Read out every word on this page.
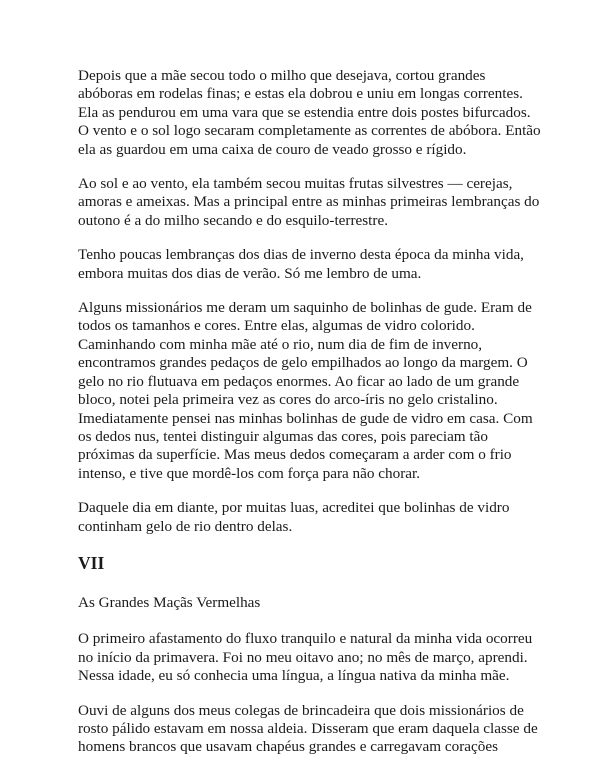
Depois que a mãe secou todo o milho que desejava, cortou grandes
abóboras em rodelas finas; e estas ela dobrou e uniu em longas correntes.
Ela as pendurou em uma vara que se estendia entre dois postes bifurcados.
O vento e o sol logo secaram completamente as correntes de abóbora. Então
ela as guardou em uma caixa de couro de veado grosso e rígido.

Ao sol e ao vento, ela também secou muitas frutas silvestres — cerejas,
amoras e ameixas. Mas a principal entre as minhas primeiras lembranças do
outono é a do milho secando e do esquilo-terrestre.

Tenho poucas lembranças dos dias de inverno desta época da minha vida,
embora muitas dos dias de verão. Só me lembro de uma.

Alguns missionários me deram um saquinho de bolinhas de gude. Eram de
todos os tamanhos e cores. Entre elas, algumas de vidro colorido.
Caminhando com minha mãe até o rio, num dia de fim de inverno,
encontramos grandes pedaços de gelo empilhados ao longo da margem. O
gelo no rio flutuava em pedaços enormes. Ao ficar ao lado de um grande
bloco, notei pela primeira vez as cores do arco-íris no gelo cristalino.
Imediatamente pensei nas minhas bolinhas de gude de vidro em casa. Com
os dedos nus, tentei distinguir algumas das cores, pois pareciam tão
próximas da superfície. Mas meus dedos começaram a arder com o frio
intenso, e tive que mordê-los com força para não chorar.

Daquele dia em diante, por muitas luas, acreditei que bolinhas de vidro
continham gelo de rio dentro delas.

VII
As Grandes Maçãs Vermelhas

O primeiro afastamento do fluxo tranquilo e natural da minha vida ocorreu
no início da primavera. Foi no meu oitavo ano; no mês de março, aprendi.
Nessa idade, eu só conhecia uma língua, a língua nativa da minha mãe.

Ouvi de alguns dos meus colegas de brincadeira que dois missionários de
rosto pálido estavam em nossa aldeia. Disseram que eram daquela classe de
homens brancos que usavam chapéus grandes e carregavam corações
